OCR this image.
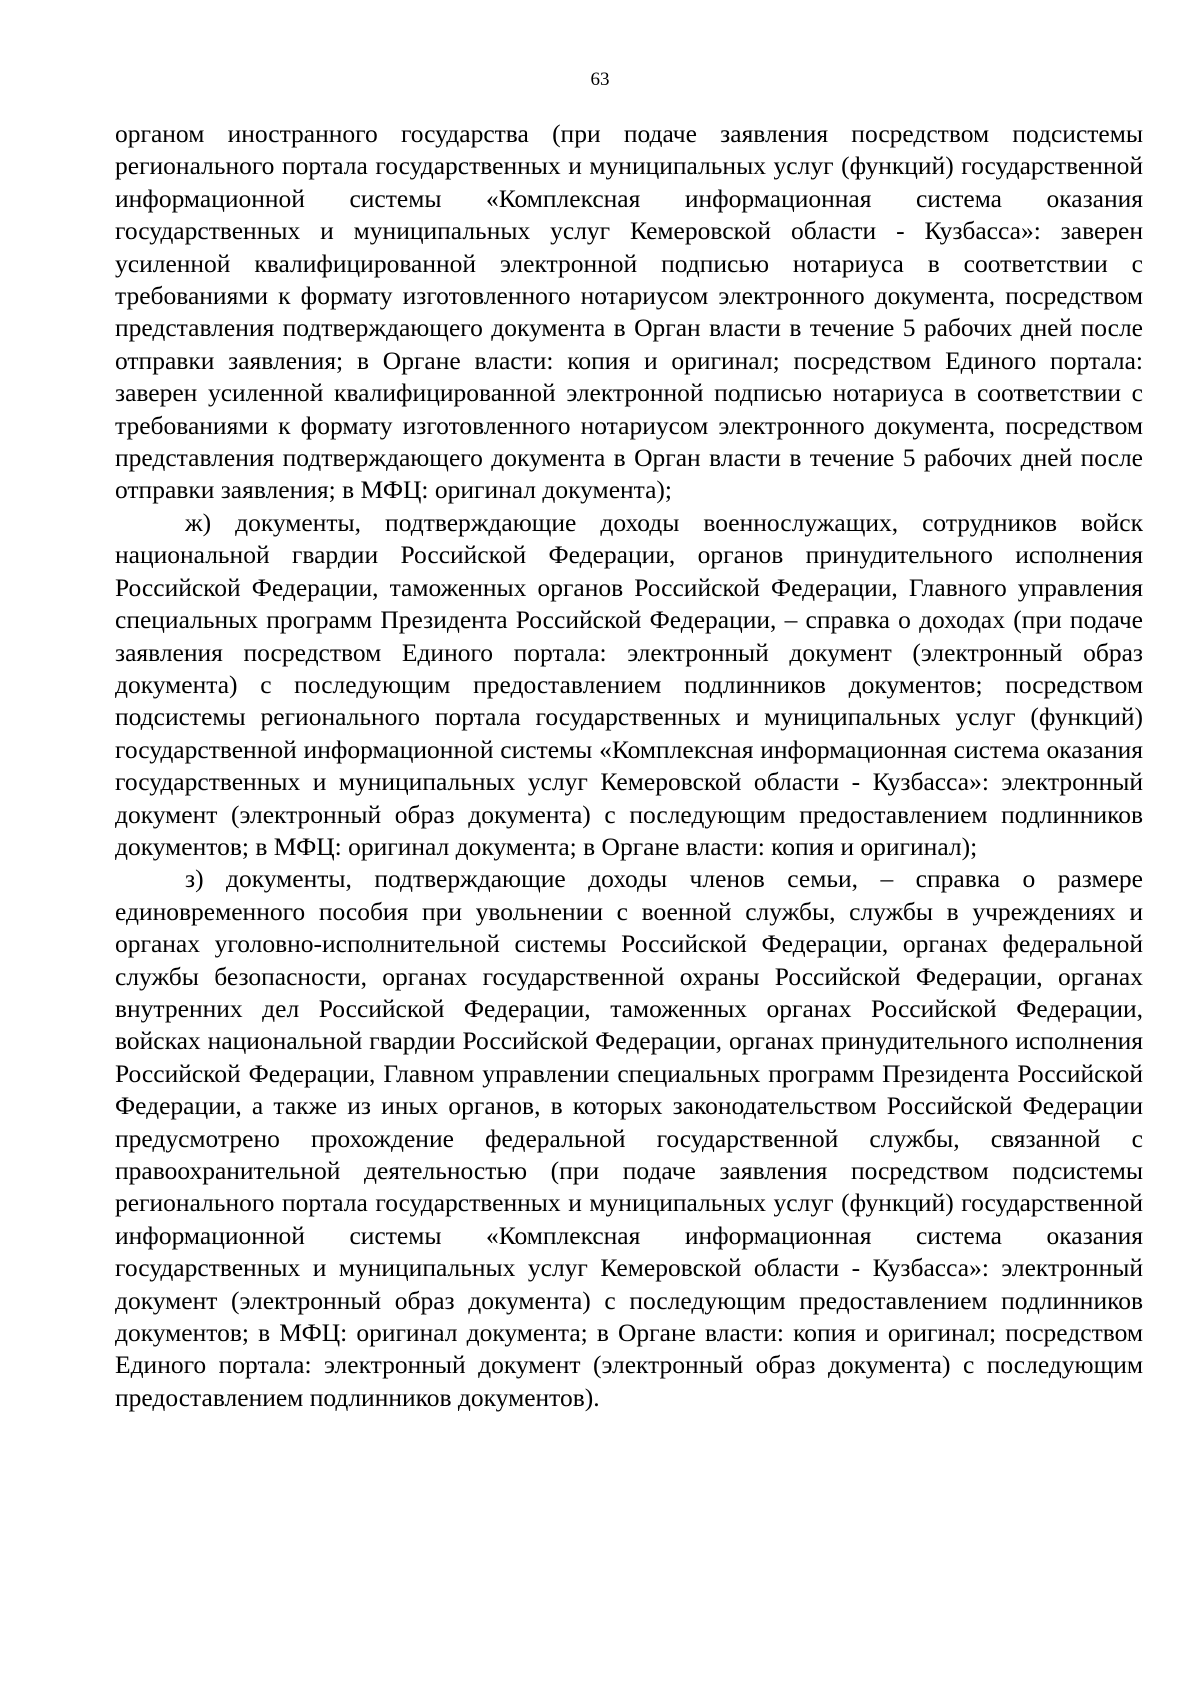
63

органом иностранного государства (при подаче заявления посредством подсистемы регионального портала государственных и муниципальных услуг (функций) государственной информационной системы «Комплексная информационная система оказания государственных и муниципальных услуг Кемеровской области - Кузбасса»: заверен усиленной квалифицированной электронной подписью нотариуса в соответствии с требованиями к формату изготовленного нотариусом электронного документа, посредством представления подтверждающего документа в Орган власти в течение 5 рабочих дней после отправки заявления; в Органе власти: копия и оригинал; посредством Единого портала: заверен усиленной квалифицированной электронной подписью нотариуса в соответствии с требованиями к формату изготовленного нотариусом электронного документа, посредством представления подтверждающего документа в Орган власти в течение 5 рабочих дней после отправки заявления; в МФЦ: оригинал документа);

ж) документы, подтверждающие доходы военнослужащих, сотрудников войск национальной гвардии Российской Федерации, органов принудительного исполнения Российской Федерации, таможенных органов Российской Федерации, Главного управления специальных программ Президента Российской Федерации, – справка о доходах (при подаче заявления посредством Единого портала: электронный документ (электронный образ документа) с последующим предоставлением подлинников документов; посредством подсистемы регионального портала государственных и муниципальных услуг (функций) государственной информационной системы «Комплексная информационная система оказания государственных и муниципальных услуг Кемеровской области - Кузбасса»: электронный документ (электронный образ документа) с последующим предоставлением подлинников документов; в МФЦ: оригинал документа; в Органе власти: копия и оригинал);

з) документы, подтверждающие доходы членов семьи, – справка о размере единовременного пособия при увольнении с военной службы, службы в учреждениях и органах уголовно-исполнительной системы Российской Федерации, органах федеральной службы безопасности, органах государственной охраны Российской Федерации, органах внутренних дел Российской Федерации, таможенных органах Российской Федерации, войсках национальной гвардии Российской Федерации, органах принудительного исполнения Российской Федерации, Главном управлении специальных программ Президента Российской Федерации, а также из иных органов, в которых законодательством Российской Федерации предусмотрено прохождение федеральной государственной службы, связанной с правоохранительной деятельностью (при подаче заявления посредством подсистемы регионального портала государственных и муниципальных услуг (функций) государственной информационной системы «Комплексная информационная система оказания государственных и муниципальных услуг Кемеровской области - Кузбасса»: электронный документ (электронный образ документа) с последующим предоставлением подлинников документов; в МФЦ: оригинал документа; в Органе власти: копия и оригинал; посредством Единого портала: электронный документ (электронный образ документа) с последующим предоставлением подлинников документов).
